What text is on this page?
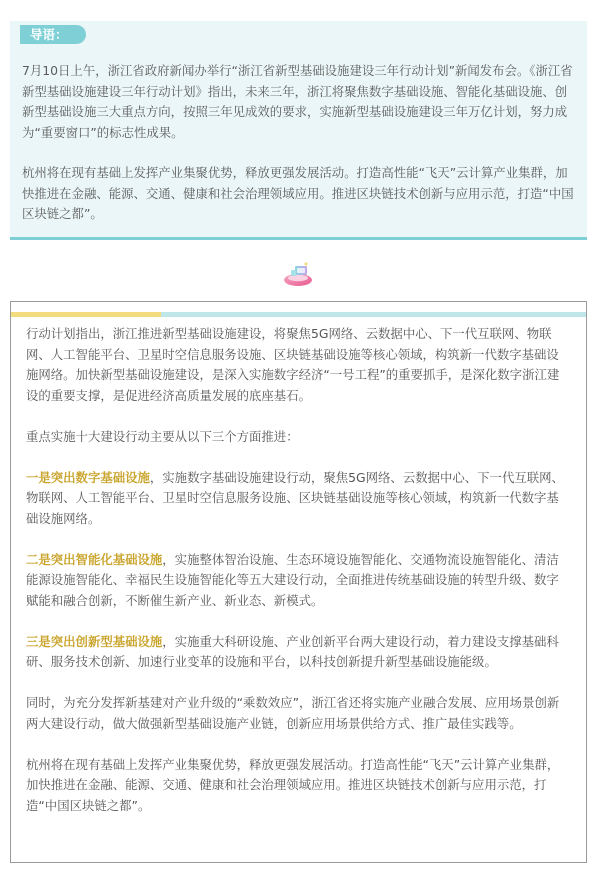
导语：

7月10日上午，浙江省政府新闻办举行“浙江省新型基础设施建设三年行动计划”新闻发布会。《浙江省新型基础设施建设三年行动计划》指出，未来三年，浙江将聚焦数字基础设施、智能化基础设施、创新型基础设施三大重点方向，按照三年见成效的要求，实施新型基础设施建设三年万亿计划，努力成为“重要窗口”的标志性成果。

杭州将在现有基础上发挥产业集聚优势，释放更强发展活动。打造高性能“飞天”云计算产业集群，加快推进在金融、能源、交通、健康和社会治理领域应用。推进区块链技术创新与应用示范，打造“中国区块链之都”。

行动计划指出，浙江推进新型基础设施建设，将聚焦5G网络、云数据中心、下一代互联网、物联网、人工智能平台、卫星时空信息服务设施、区块链基础设施等核心领域，构筑新一代数字基础设施网络。加快新型基础设施建设，是深入实施数字经济“一号工程”的重要抓手，是深化数字浙江建设的重要支撑，是促进经济高质量发展的底座基石。

重点实施十大建设行动主要从以下三个方面推进：

一是突出数字基础设施，实施数字基础设施建设行动，聚焦5G网络、云数据中心、下一代互联网、物联网、人工智能平台、卫星时空信息服务设施、区块链基础设施等核心领域，构筑新一代数字基础设施网络。

二是突出智能化基础设施，实施整体智治设施、生态环境设施智能化、交通物流设施智能化、清洁能源设施智能化、幸福民生设施智能化等五大建设行动，全面推进传统基础设施的转型升级、数字赋能和融合创新，不断催生新产业、新业态、新模式。

三是突出创新型基础设施，实施重大科研设施、产业创新平台两大建设行动，着力建设支撑基础科研、服务技术创新、加速行业变革的设施和平台，以科技创新提升新型基础设施能级。

同时，为充分发挥新基建对产业升级的“乘数效应”，浙江省还将实施产业融合发展、应用场景创新两大建设行动，做大做强新型基础设施产业链，创新应用场景供给方式、推广最佳实践等。

杭州将在现有基础上发挥产业集聚优势，释放更强发展活动。打造高性能“飞天”云计算产业集群，加快推进在金融、能源、交通、健康和社会治理领域应用。推进区块链技术创新与应用示范，打造“中国区块链之都”。
